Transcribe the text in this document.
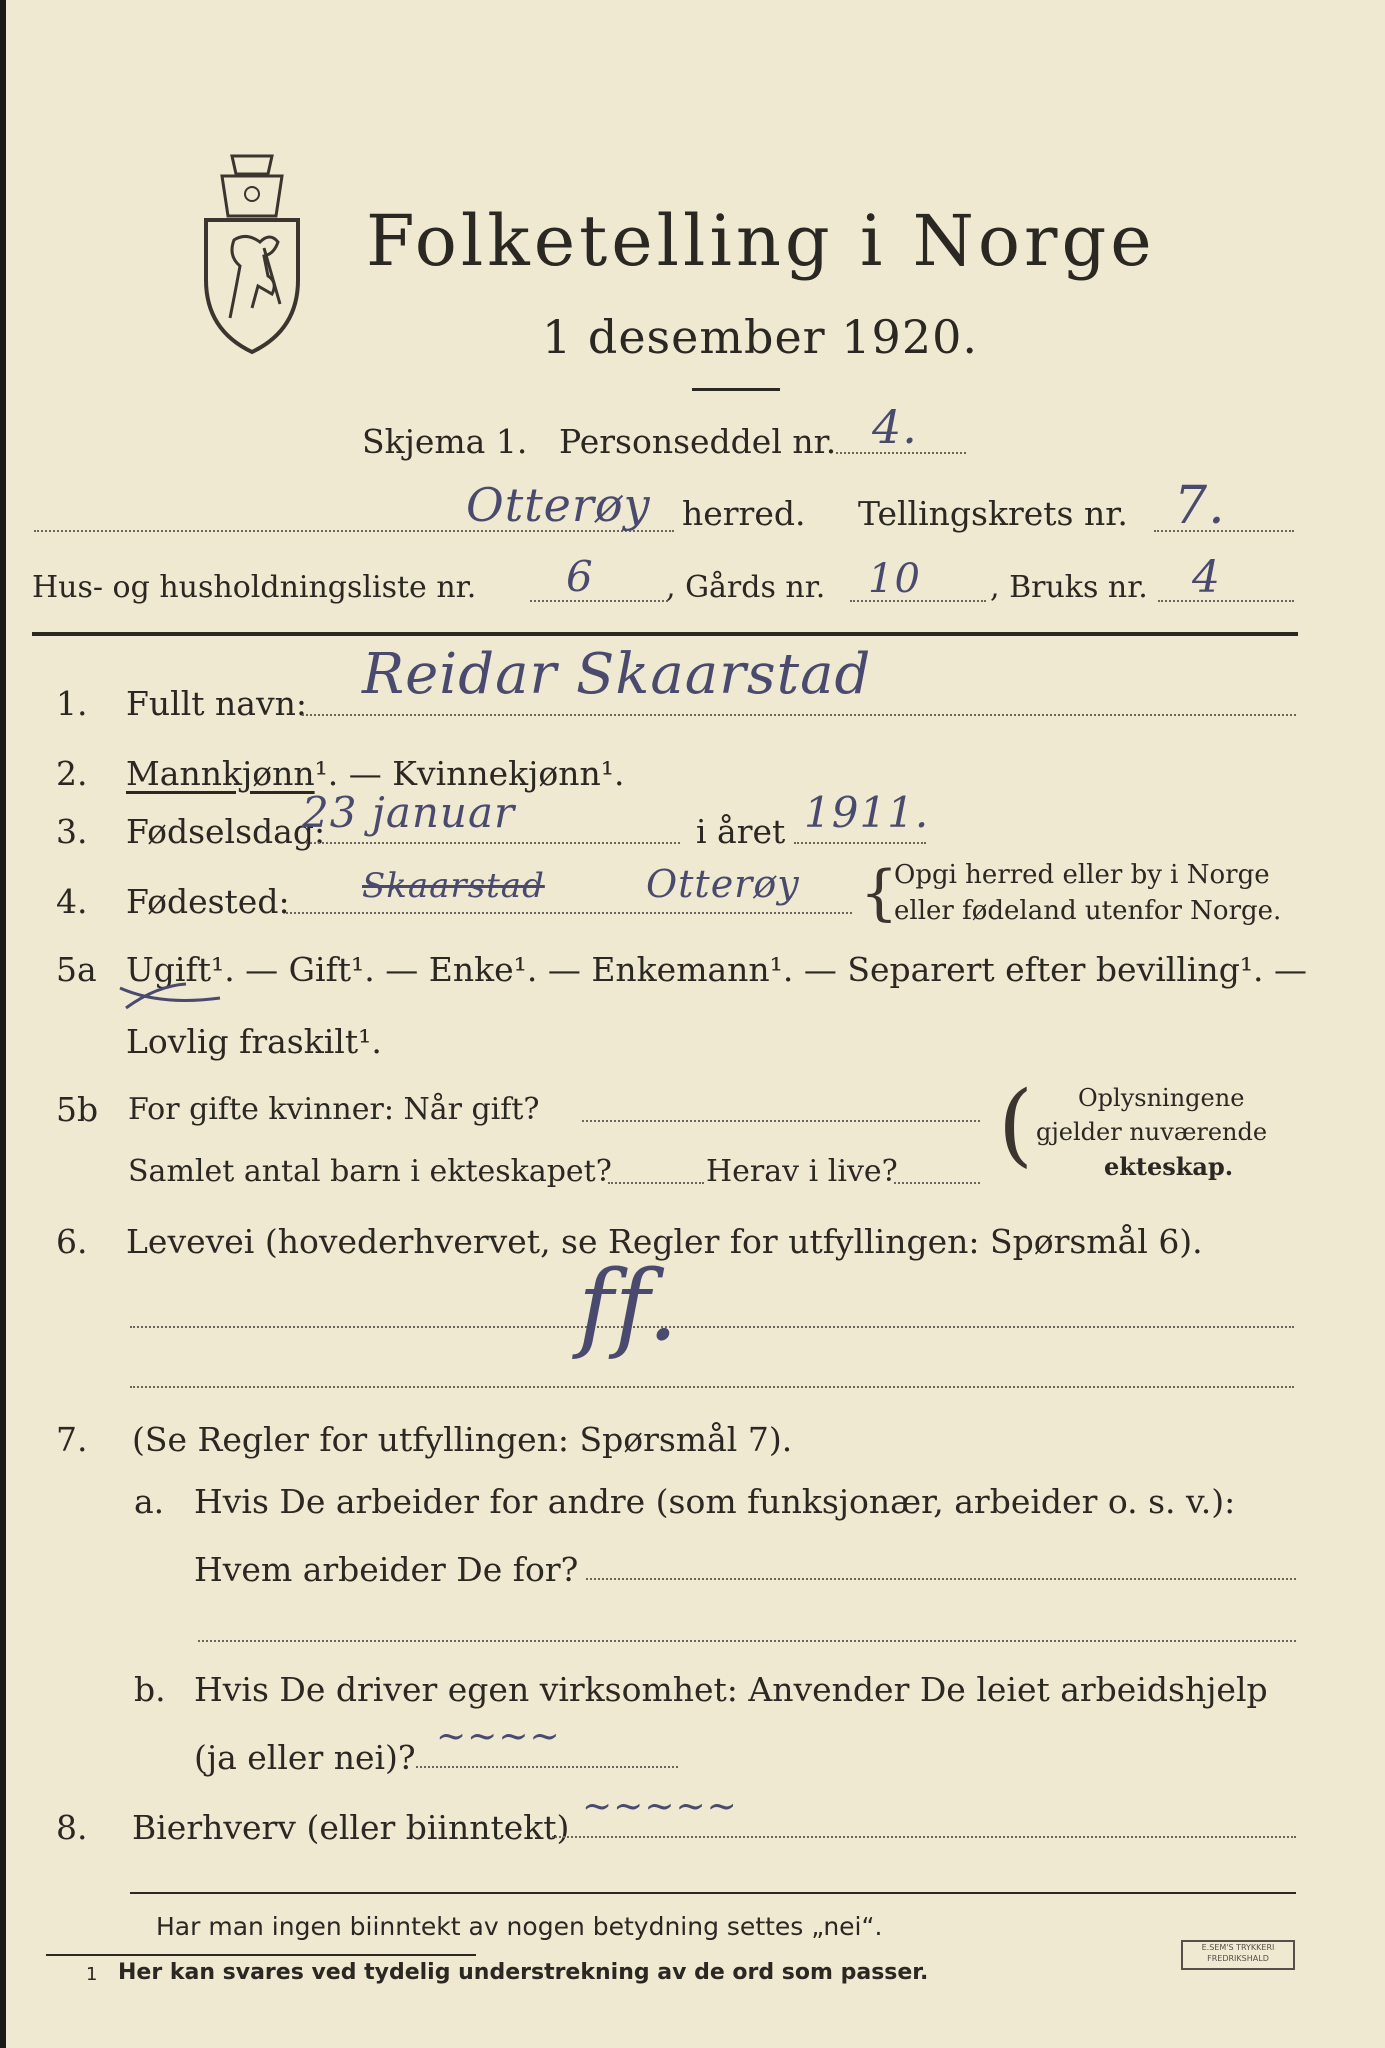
Folketelling i Norge
1 desember 1920.
Skjema 1. Personseddel nr. 4.
Otterøy herred. Tellingskrets nr. 7.
Hus- og husholdningsliste nr. 6 , Gårds nr. 10 , Bruks nr. 4
1. Fullt navn: Reidar Skaarstad
2. Mannkjønn¹. — Kvinnekjønn¹.
3. Fødselsdag:
23 januar	i året 1911.
4. Fødested: Skaarstad	Otterøy {
Opgi herred eller by i Norge
eller fødeland utenfor Norge.
5a Ugift¹. — Gift¹. — Enke¹. — Enkemann¹. — Separert efter bevilling¹. —
Lovlig fraskilt¹.
5b For gifte kvinner: Når gift?
Samlet antal barn i ekteskapet?	Herav i live? ( Oplysningene
gjelder nuværende
ekteskap.
6. Levevei (hovederhvervet, se Regler for utfyllingen: Spørsmål 6).
ff.
7. (Se Regler for utfyllingen: Spørsmål 7).
a. Hvis De arbeider for andre (som funksjonær, arbeider o. s. v.):
Hvem arbeider De for?
b. Hvis De driver egen virksomhet: Anvender De leiet arbeidshjelp
(ja eller nei)?
~~~~
8. Bierhverv (eller biinntekt)
~~~~~
Har man ingen biinntekt av nogen betydning settes „nei“.
1 Her kan svares ved tydelig understrekning av de ord som passer.
E.SEM'S TRYKKERI
FREDRIKSHALD
